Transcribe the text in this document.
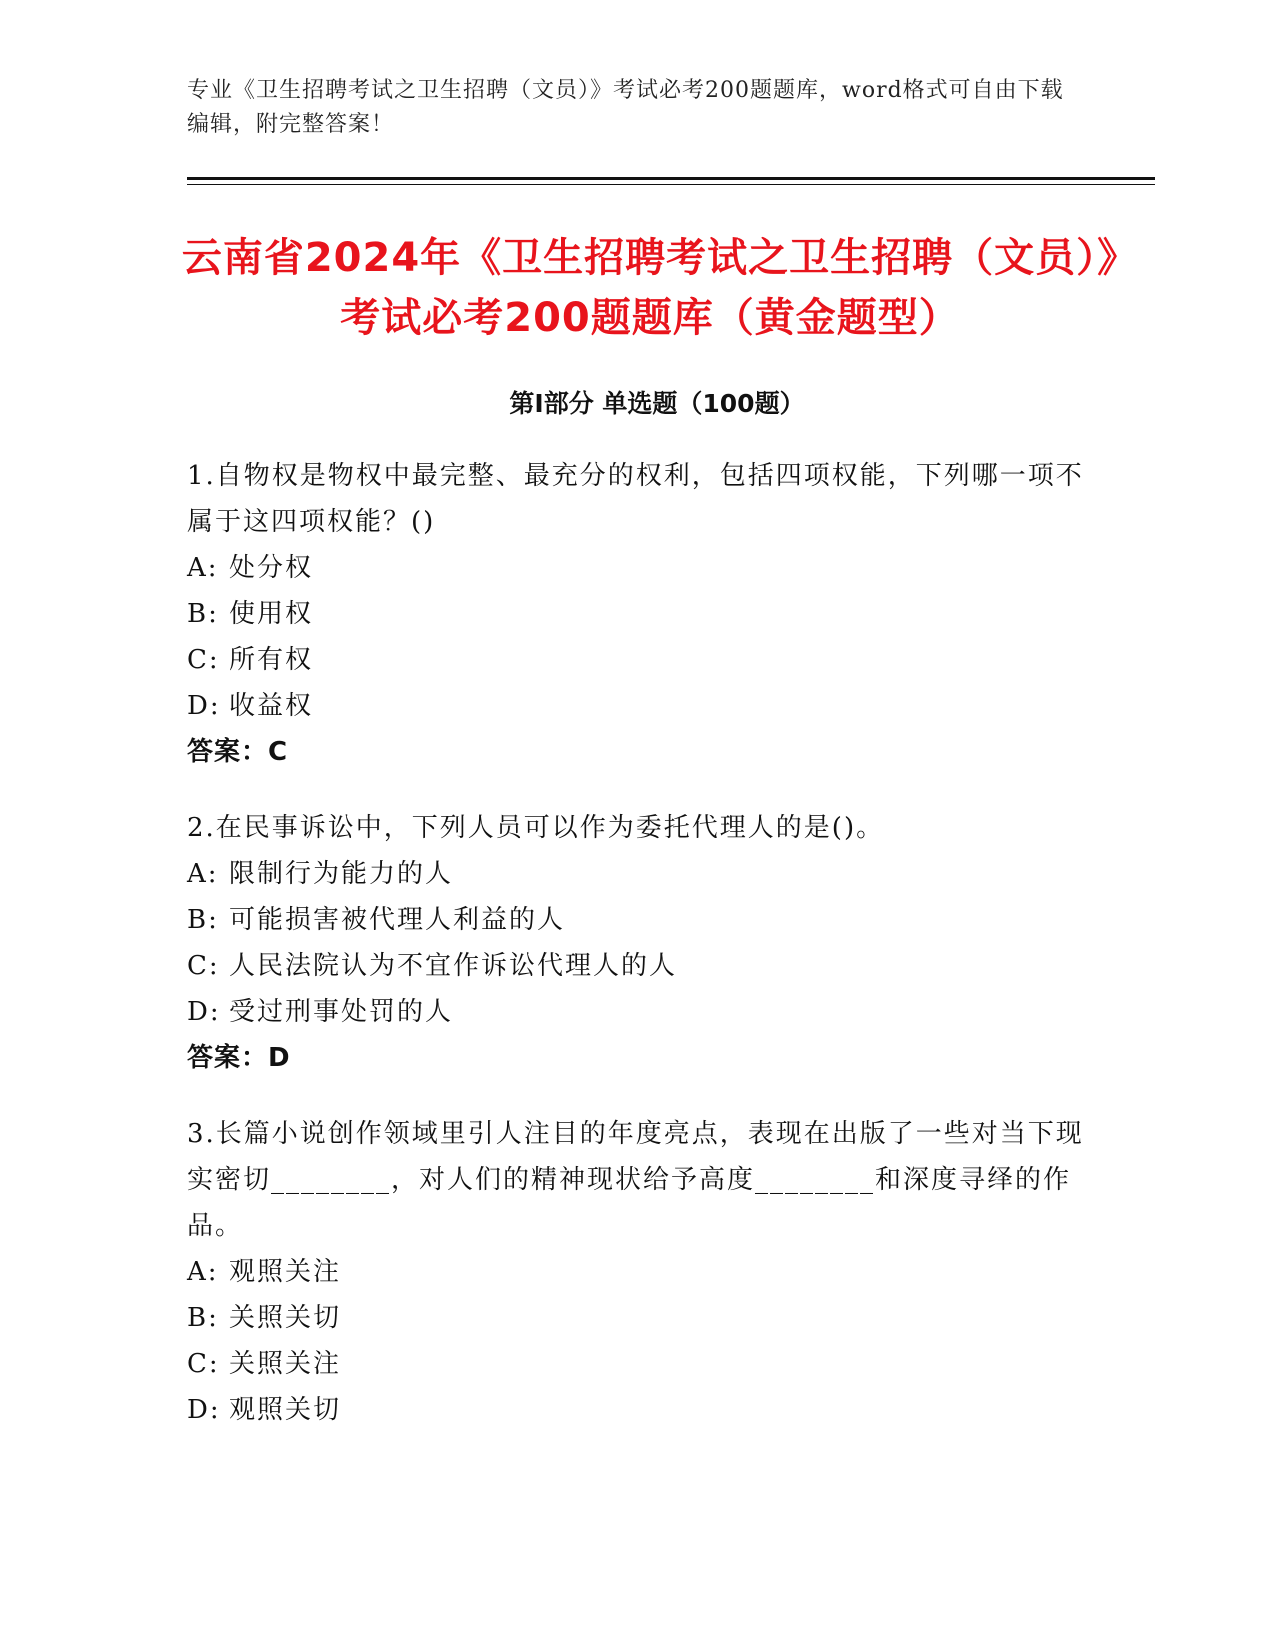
专业《卫生招聘考试之卫生招聘（文员）》考试必考200题题库，word格式可自由下载编辑，附完整答案！
云南省2024年《卫生招聘考试之卫生招聘（文员）》考试必考200题题库（黄金题型）
第Ⅰ部分 单选题（100题）
1.自物权是物权中最完整、最充分的权利，包括四项权能，下列哪一项不属于这四项权能？()
A: 处分权
B: 使用权
C: 所有权
D: 收益权
答案：C
2.在民事诉讼中，下列人员可以作为委托代理人的是()。
A: 限制行为能力的人
B: 可能损害被代理人利益的人
C: 人民法院认为不宜作诉讼代理人的人
D: 受过刑事处罚的人
答案：D
3.长篇小说创作领域里引人注目的年度亮点，表现在出版了一些对当下现实密切________，对人们的精神现状给予高度________和深度寻绎的作品。
A: 观照关注
B: 关照关切
C: 关照关注
D: 观照关切
